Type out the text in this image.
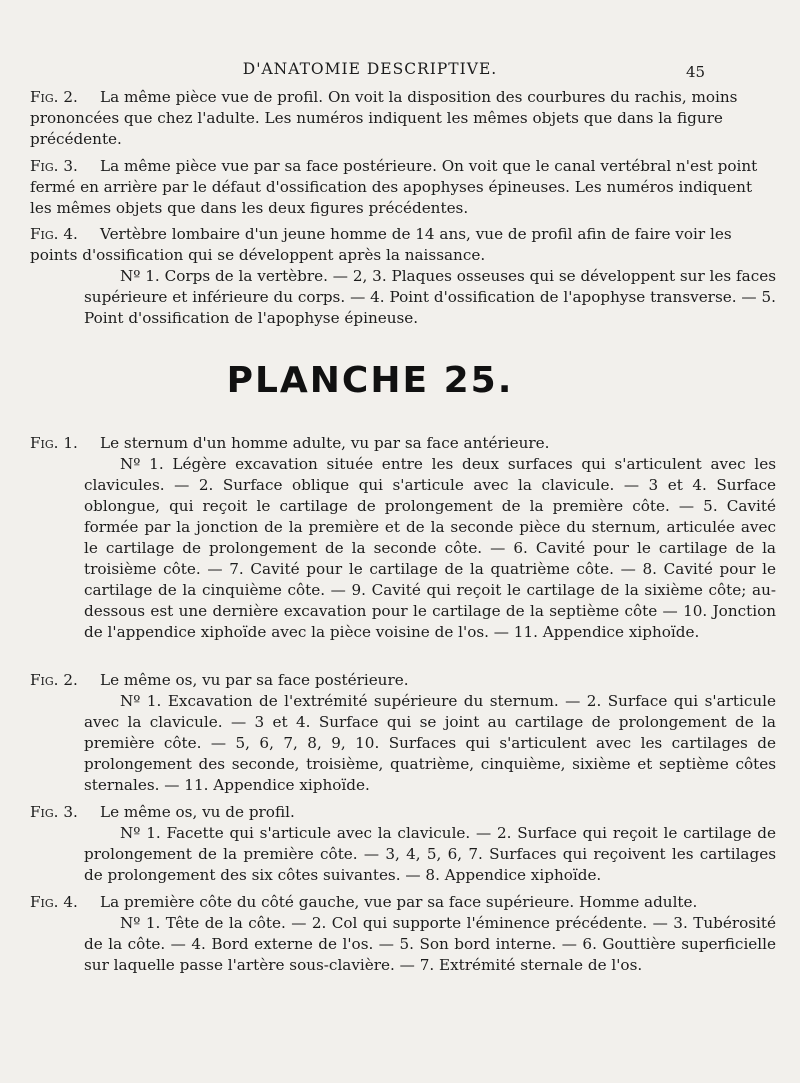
D'ANATOMIE DESCRIPTIVE.	45

Fig. 2. La même pièce vue de profil. On voit la disposition des courbures du rachis, moins prononcées que chez l'adulte. Les numéros indiquent les mêmes objets que dans la figure précédente.

Fig. 3. La même pièce vue par sa face postérieure. On voit que le canal vertébral n'est point fermé en arrière par le défaut d'ossification des apophyses épineuses. Les numéros indiquent les mêmes objets que dans les deux figures précédentes.

Fig. 4. Vertèbre lombaire d'un jeune homme de 14 ans, vue de profil afin de faire voir les points d'ossification qui se développent après la naissance.

Nº 1. Corps de la vertèbre. — 2, 3. Plaques osseuses qui se développent sur les faces supérieure et inférieure du corps. — 4. Point d'ossification de l'apophyse transverse. — 5. Point d'ossification de l'apophyse épineuse.

PLANCHE 25.

Fig. 1. Le sternum d'un homme adulte, vu par sa face antérieure.

Nº 1. Légère excavation située entre les deux surfaces qui s'articulent avec les clavicules. — 2. Surface oblique qui s'articule avec la clavicule. — 3 et 4. Surface oblongue, qui reçoit le cartilage de prolongement de la première côte. — 5. Cavité formée par la jonction de la première et de la seconde pièce du sternum, articulée avec le cartilage de prolongement de la seconde côte. — 6. Cavité pour le cartilage de la troisième côte. — 7. Cavité pour le cartilage de la quatrième côte. — 8. Cavité pour le cartilage de la cinquième côte. — 9. Cavité qui reçoit le cartilage de la sixième côte; au-dessous est une dernière excavation pour le cartilage de la septième côte — 10. Jonction de l'appendice xiphoïde avec la pièce voisine de l'os. — 11. Appendice xiphoïde.

Fig. 2. Le même os, vu par sa face postérieure.

Nº 1. Excavation de l'extrémité supérieure du sternum. — 2. Surface qui s'articule avec la clavicule. — 3 et 4. Surface qui se joint au cartilage de prolongement de la première côte. — 5, 6, 7, 8, 9, 10. Surfaces qui s'articulent avec les cartilages de prolongement des seconde, troisième, quatrième, cinquième, sixième et septième côtes sternales. — 11. Appendice xiphoïde.

Fig. 3. Le même os, vu de profil.

Nº 1. Facette qui s'articule avec la clavicule. — 2. Surface qui reçoit le cartilage de prolongement de la première côte. — 3, 4, 5, 6, 7. Surfaces qui reçoivent les cartilages de prolongement des six côtes suivantes. — 8. Appendice xiphoïde.

Fig. 4. La première côte du côté gauche, vue par sa face supérieure. Homme adulte.

Nº 1. Tête de la côte. — 2. Col qui supporte l'éminence précédente. — 3. Tubérosité de la côte. — 4. Bord externe de l'os. — 5. Son bord interne. — 6. Gouttière superficielle sur laquelle passe l'artère sous-clavière. — 7. Extrémité sternale de l'os.
